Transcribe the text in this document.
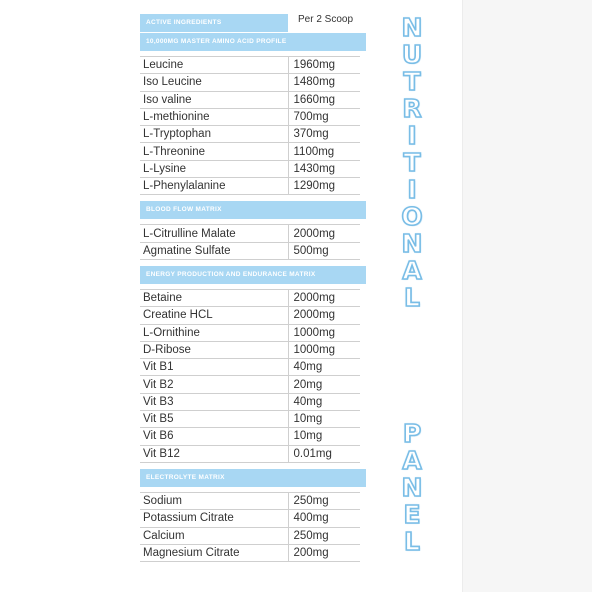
ACTIVE INGREDIENTS	Per 2 Scoop
10,000MG MASTER AMINO ACID PROFILE
Leucine	1960mg
Iso Leucine	1480mg
Iso valine	1660mg
L-methionine	700mg
L-Tryptophan	370mg
L-Threonine	1100mg
L-Lysine	1430mg
L-Phenylalanine	1290mg
BLOOD FLOW MATRIX
L-Citrulline Malate	2000mg
Agmatine Sulfate	500mg
ENERGY PRODUCTION AND ENDURANCE MATRIX
Betaine	2000mg
Creatine HCL	2000mg
L-Ornithine	1000mg
D-Ribose	1000mg
Vit B1	40mg
Vit B2	20mg
Vit B3	40mg
Vit B5	10mg
Vit B6	10mg
Vit B12	0.01mg
ELECTROLYTE MATRIX
Sodium	250mg
Potassium Citrate	400mg
Calcium	250mg
Magnesium Citrate	200mg
N
U
T
R
I
T
I
O
N
A
L
P
A
N
E
L
